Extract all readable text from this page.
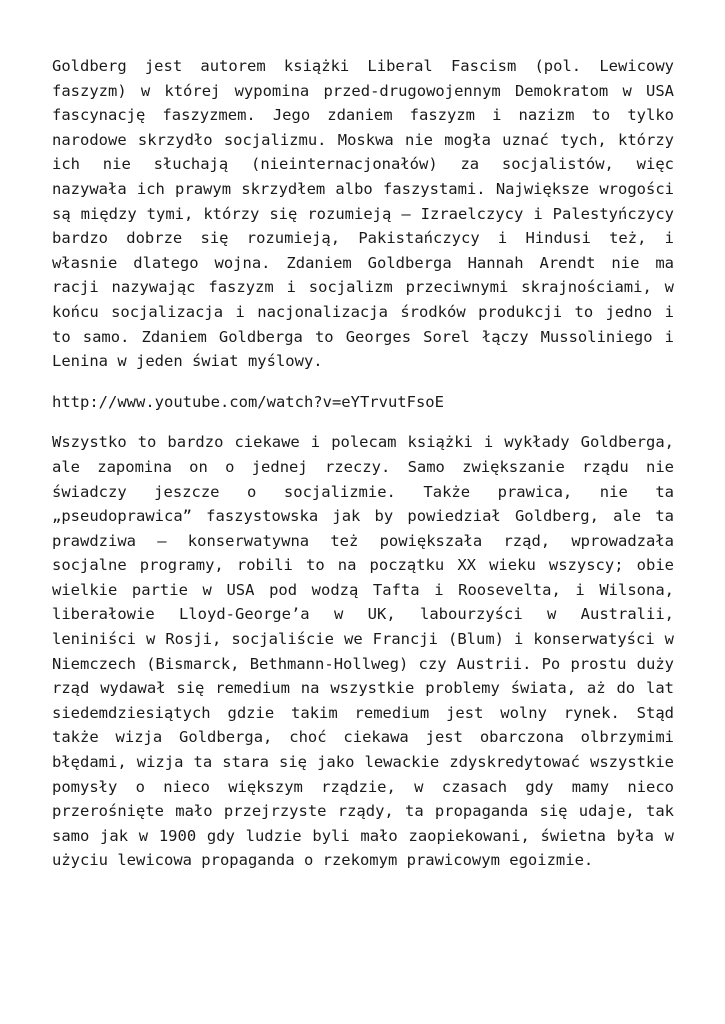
Goldberg jest autorem książki Liberal Fascism (pol. Lewicowy faszyzm) w której wypomina przed-drugowojennym Demokratom w USA fascynację faszyzmem. Jego zdaniem faszyzm i nazizm to tylko narodowe skrzydło socjalizmu. Moskwa nie mogła uznać tych, którzy ich nie słuchają (nieinternacjonałów) za socjalistów, więc nazywała ich prawym skrzydłem albo faszystami. Największe wrogości są między tymi, którzy się rozumieją – Izraelczycy i Palestyńczycy bardzo dobrze się rozumieją, Pakistańczycy i Hindusi też, i własnie dlatego wojna. Zdaniem Goldberga Hannah Arendt nie ma racji nazywając faszyzm i socjalizm przeciwnymi skrajnościami, w końcu socjalizacja i nacjonalizacja środków produkcji to jedno i to samo. Zdaniem Goldberga to Georges Sorel łączy Mussoliniego i Lenina w jeden świat myślowy.

http://www.youtube.com/watch?v=eYTrvutFsoE

Wszystko to bardzo ciekawe i polecam książki i wykłady Goldberga, ale zapomina on o jednej rzeczy. Samo zwiększanie rządu nie świadczy jeszcze o socjalizmie. Także prawica, nie ta „pseudoprawica” faszystowska jak by powiedział Goldberg, ale ta prawdziwa – konserwatywna też powiększała rząd, wprowadzała socjalne programy, robili to na początku XX wieku wszyscy; obie wielkie partie w USA pod wodzą Tafta i Roosevelta, i Wilsona, liberałowie Lloyd-George’a w UK, labourzyści w Australii, leniniści w Rosji, socjaliście we Francji (Blum) i konserwatyści w Niemczech (Bismarck, Bethmann-Hollweg) czy Austrii. Po prostu duży rząd wydawał się remedium na wszystkie problemy świata, aż do lat siedemdziesiątych gdzie takim remedium jest wolny rynek. Stąd także wizja Goldberga, choć ciekawa jest obarczona olbrzymimi błędami, wizja ta stara się jako lewackie zdyskredytować wszystkie pomysły o nieco większym rządzie, w czasach gdy mamy nieco przerośnięte mało przejrzyste rządy, ta propaganda się udaje, tak samo jak w 1900 gdy ludzie byli mało zaopiekowani, świetna była w użyciu lewicowa propaganda o rzekomym prawicowym egoizmie.
